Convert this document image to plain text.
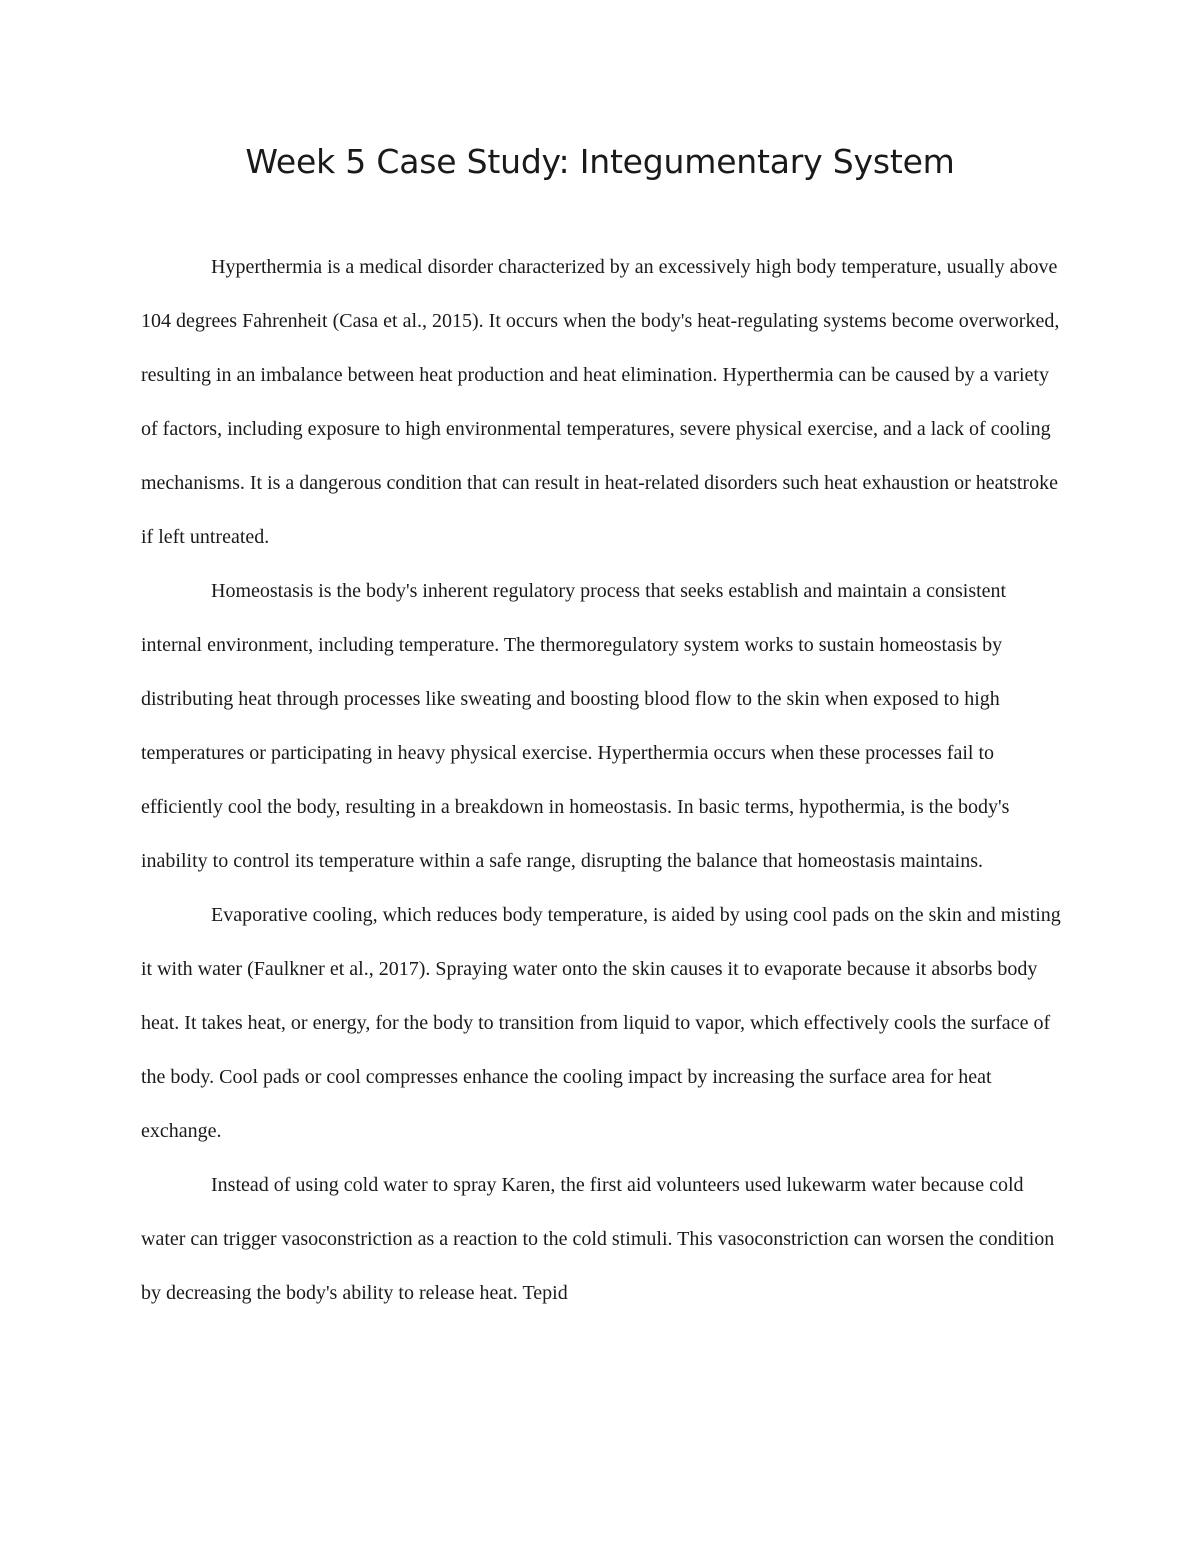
Week 5 Case Study: Integumentary System

Hyperthermia is a medical disorder characterized by an excessively high body temperature, usually above 104 degrees Fahrenheit (Casa et al., 2015). It occurs when the body's heat-regulating systems become overworked, resulting in an imbalance between heat production and heat elimination. Hyperthermia can be caused by a variety of factors, including exposure to high environmental temperatures, severe physical exercise, and a lack of cooling mechanisms. It is a dangerous condition that can result in heat-related disorders such heat exhaustion or heatstroke if left untreated.

Homeostasis is the body's inherent regulatory process that seeks establish and maintain a consistent internal environment, including temperature. The thermoregulatory system works to sustain homeostasis by distributing heat through processes like sweating and boosting blood flow to the skin when exposed to high temperatures or participating in heavy physical exercise. Hyperthermia occurs when these processes fail to efficiently cool the body, resulting in a breakdown in homeostasis. In basic terms, hypothermia, is the body's inability to control its temperature within a safe range, disrupting the balance that homeostasis maintains.

Evaporative cooling, which reduces body temperature, is aided by using cool pads on the skin and misting it with water (Faulkner et al., 2017). Spraying water onto the skin causes it to evaporate because it absorbs body heat. It takes heat, or energy, for the body to transition from liquid to vapor, which effectively cools the surface of the body. Cool pads or cool compresses enhance the cooling impact by increasing the surface area for heat exchange.

Instead of using cold water to spray Karen, the first aid volunteers used lukewarm water because cold water can trigger vasoconstriction as a reaction to the cold stimuli. This vasoconstriction can worsen the condition by decreasing the body's ability to release heat. Tepid
